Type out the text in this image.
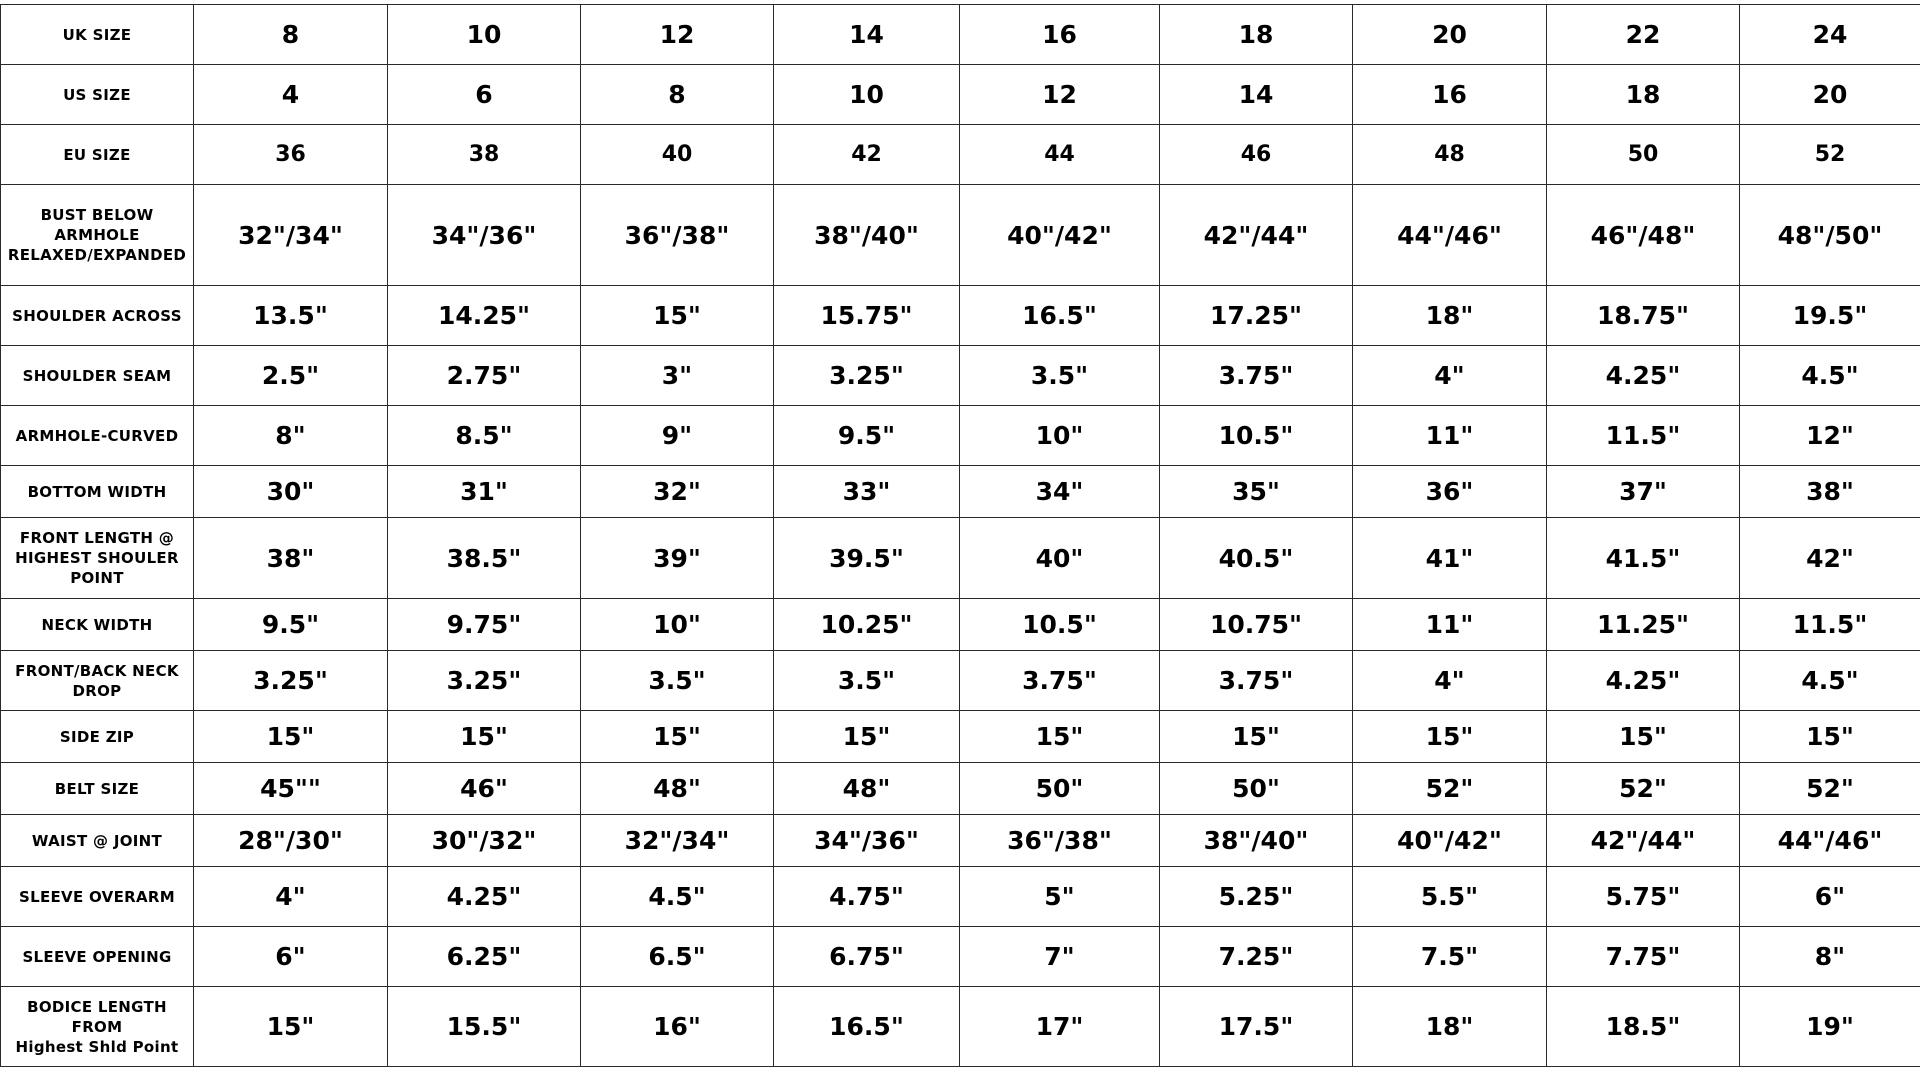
UK SIZE	8	10	12	14	16	18	20	22	24
US SIZE	4	6	8	10	12	14	16	18	20
EU SIZE	36	38	40	42	44	46	48	50	52
BUST BELOW ARMHOLE RELAXED/EXPANDED	32"/34"	34"/36"	36"/38"	38"/40"	40"/42"	42"/44"	44"/46"	46"/48"	48"/50"
SHOULDER ACROSS	13.5"	14.25"	15"	15.75"	16.5"	17.25"	18"	18.75"	19.5"
SHOULDER SEAM	2.5"	2.75"	3"	3.25"	3.5"	3.75"	4"	4.25"	4.5"
ARMHOLE-CURVED	8"	8.5"	9"	9.5"	10"	10.5"	11"	11.5"	12"
BOTTOM WIDTH	30"	31"	32"	33"	34"	35"	36"	37"	38"
FRONT LENGTH @ HIGHEST SHOULER POINT	38"	38.5"	39"	39.5"	40"	40.5"	41"	41.5"	42"
NECK WIDTH	9.5"	9.75"	10"	10.25"	10.5"	10.75"	11"	11.25"	11.5"
FRONT/BACK NECK DROP	3.25"	3.25"	3.5"	3.5"	3.75"	3.75"	4"	4.25"	4.5"
SIDE ZIP	15"	15"	15"	15"	15"	15"	15"	15"	15"
BELT SIZE	45""	46"	48"	48"	50"	50"	52"	52"	52"
WAIST @ JOINT	28"/30"	30"/32"	32"/34"	34"/36"	36"/38"	38"/40"	40"/42"	42"/44"	44"/46"
SLEEVE OVERARM	4"	4.25"	4.5"	4.75"	5"	5.25"	5.5"	5.75"	6"
SLEEVE OPENING	6"	6.25"	6.5"	6.75"	7"	7.25"	7.5"	7.75"	8"
BODICE LENGTH FROM
Highest Shld Point	15"	15.5"	16"	16.5"	17"	17.5"	18"	18.5"	19"
